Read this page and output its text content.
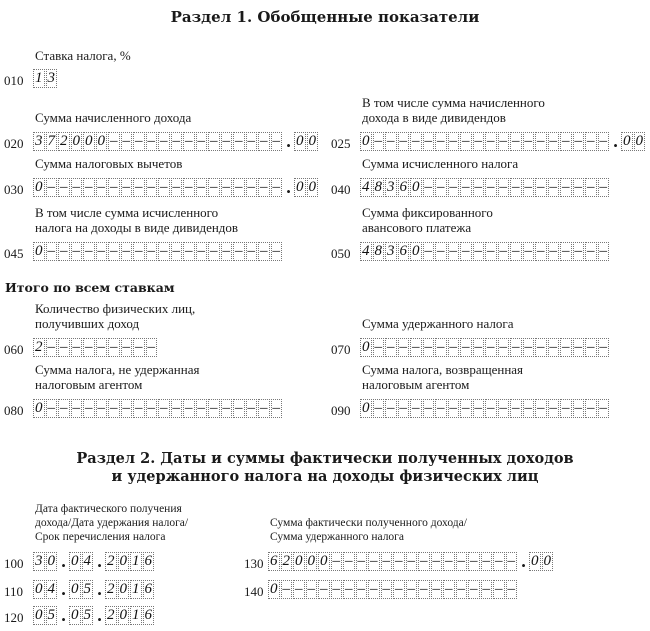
Раздел 1. Обобщенные показатели
Ставка налога, %
010 1 3
Сумма начисленного дохода
020 3 7 2 0 0 0 – – – – – – – – – – – – – – . 0 0
В том числе сумма начисленного
дохода в виде дивидендов
025 0 – – – – – – – – – – – – – – – – – – – . 0 0
Сумма налоговых вычетов
030 0 – – – – – – – – – – – – – – – – – – – . 0 0
Сумма исчисленного налога
040 4 8 3 6 0 – – – – – – – – – – – – – – –
В том числе сумма исчисленного
налога на доходы в виде дивидендов
045 0 – – – – – – – – – – – – – – – – – – –
Сумма фиксированного
авансового платежа
050 4 8 3 6 0 – – – – – – – – – – – – – – –
Итого по всем ставкам
Количество физических лиц,
получивших доход
060 2 – – – – – – – – –
Сумма удержанного налога
070 0 – – – – – – – – – – – – – – – – – – –
Сумма налога, не удержанная
налоговым агентом
080 0 – – – – – – – – – – – – – – – – – – –
Сумма налога, возвращенная
налоговым агентом
090 0 – – – – – – – – – – – – – – – – – – –
Раздел 2. Даты и суммы фактически полученных доходов
и удержанного налога на доходы физических лиц
Дата фактического получения
дохода/Дата удержания налога/
Срок перечисления налога
Сумма фактически полученного дохода/
Сумма удержанного налога
100 3 0 . 0 4 . 2 0 1 6
110 0 4 . 0 5 . 2 0 1 6
120 0 5 . 0 5 . 2 0 1 6
130 6 2 0 0 0 – – – – – – – – – – – – – – – . 0 0
140 0 – – – – – – – – – – – – – – – – – – –
